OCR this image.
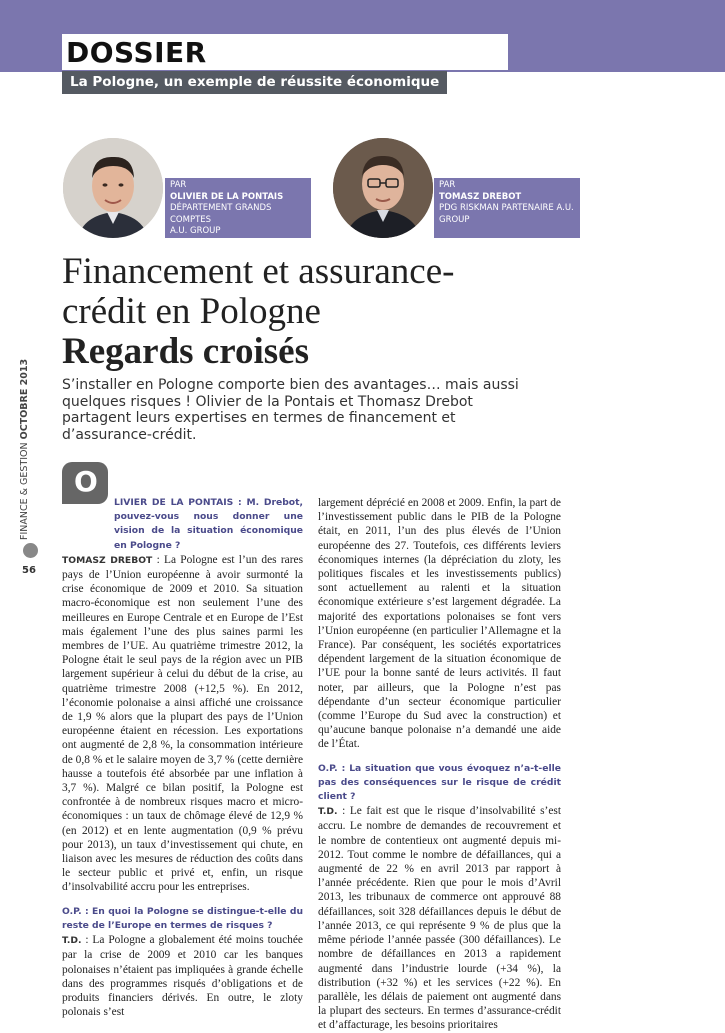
DOSSIER
La Pologne, un exemple de réussite économique
PAR
OLIVIER DE LA PONTAIS
DÉPARTEMENT GRANDS COMPTES
A.U. GROUP
PAR
TOMASZ DREBOT
PDG RISKMAN PARTENAIRE A.U. GROUP
Financement et assurance-
crédit en Pologne
Regards croisés
S’installer en Pologne comporte bien des avantages… mais aussi quelques risques ! Olivier de la Pontais et Thomasz Drebot partagent leurs expertises en termes de financement et d’assurance-crédit.
FINANCE & GESTION OCTOBRE 2013
56
O
LIVIER DE LA PONTAIS : M. Drebot, pouvez-vous nous donner une vision de la situation économique en Pologne ?
TOMASZ DREBOT : La Pologne est l’un des rares pays de l’Union européenne à avoir surmonté la crise économique de 2009 et 2010. Sa situation macro-économique est non seulement l’une des meilleures en Europe Centrale et en Europe de l’Est mais également l’une des plus saines parmi les membres de l’UE. Au quatrième trimestre 2012, la Pologne était le seul pays de la région avec un PIB largement supérieur à celui du début de la crise, au quatrième trimestre 2008 (+12,5 %). En 2012, l’économie polonaise a ainsi affiché une croissance de 1,9 % alors que la plupart des pays de l’Union européenne étaient en récession. Les exportations ont augmenté de 2,8 %, la consommation intérieure de 0,8 % et le salaire moyen de 3,7 % (cette dernière hausse a toutefois été absorbée par une inflation à 3,7 %). Malgré ce bilan positif, la Pologne est confrontée à de nombreux risques macro et micro-économiques : un taux de chômage élevé de 12,9 % (en 2012) et en lente augmentation (0,9 % prévu pour 2013), un taux d’investissement qui chute, en liaison avec les mesures de réduction des coûts dans le secteur public et privé et, enfin, un risque d’insolvabilité accru pour les entreprises.
O.P. : En quoi la Pologne se distingue-t-elle du reste de l’Europe en termes de risques ?
T.D. : La Pologne a globalement été moins touchée par la crise de 2009 et 2010 car les banques polonaises n’étaient pas impliquées à grande échelle dans des programmes risqués d’obligations et de produits financiers dérivés. En outre, le zloty polonais s’est
largement déprécié en 2008 et 2009. Enfin, la part de l’investissement public dans le PIB de la Pologne était, en 2011, l’un des plus élevés de l’Union européenne des 27. Toutefois, ces différents leviers économiques internes (la dépréciation du zloty, les politiques fiscales et les investissements publics) sont actuellement au ralenti et la situation économique extérieure s’est largement dégradée. La majorité des exportations polonaises se font vers l’Union européenne (en particulier l’Allemagne et la France). Par conséquent, les sociétés exportatrices dépendent largement de la situation économique de l’UE pour la bonne santé de leurs activités. Il faut noter, par ailleurs, que la Pologne n’est pas dépendante d’un secteur économique particulier (comme l’Europe du Sud avec la construction) et qu’aucune banque polonaise n’a demandé une aide de l’État.
O.P. : La situation que vous évoquez n’a-t-elle pas des conséquences sur le risque de crédit client ?
T.D. : Le fait est que le risque d’insolvabilité s’est accru. Le nombre de demandes de recouvrement et le nombre de contentieux ont augmenté depuis mi-2012. Tout comme le nombre de défaillances, qui a augmenté de 22 % en avril 2013 par rapport à l’année précédente. Rien que pour le mois d’Avril 2013, les tribunaux de commerce ont approuvé 88 défaillances, soit 328 défaillances depuis le début de l’année 2013, ce qui représente 9 % de plus que la même période l’année passée (300 défaillances). Le nombre de défaillances en 2013 a rapidement augmenté dans l’industrie lourde (+34 %), la distribution (+32 %) et les services (+22 %). En parallèle, les délais de paiement ont augmenté dans la plupart des secteurs. En termes d’assurance-crédit et d’affacturage, les besoins prioritaires
